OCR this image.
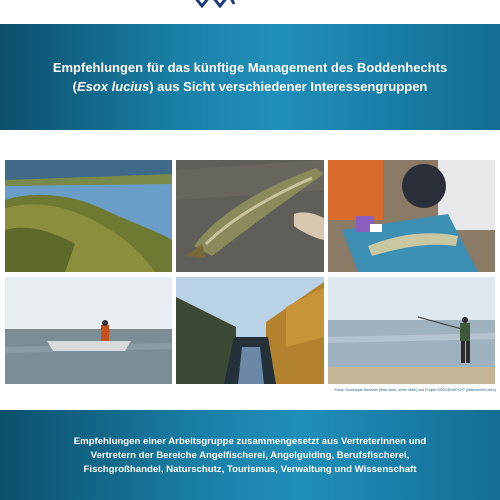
Empfehlungen für das künftige Management des Boddenhechts
(Esox lucius) aus Sicht verschiedener Interessengruppen
Fotos: Dominique Niessner (links oben, unten Mitte) und Projekt BODDENHECHT (Mitte/rechts oben)
Empfehlungen einer Arbeitsgruppe zusammengesetzt aus Vertreterinnen und
Vertretern der Bereiche Angelfischerei, Angelguiding, Berufsfischerei,
Fischgroßhandel, Naturschutz, Tourismus, Verwaltung und Wissenschaft
